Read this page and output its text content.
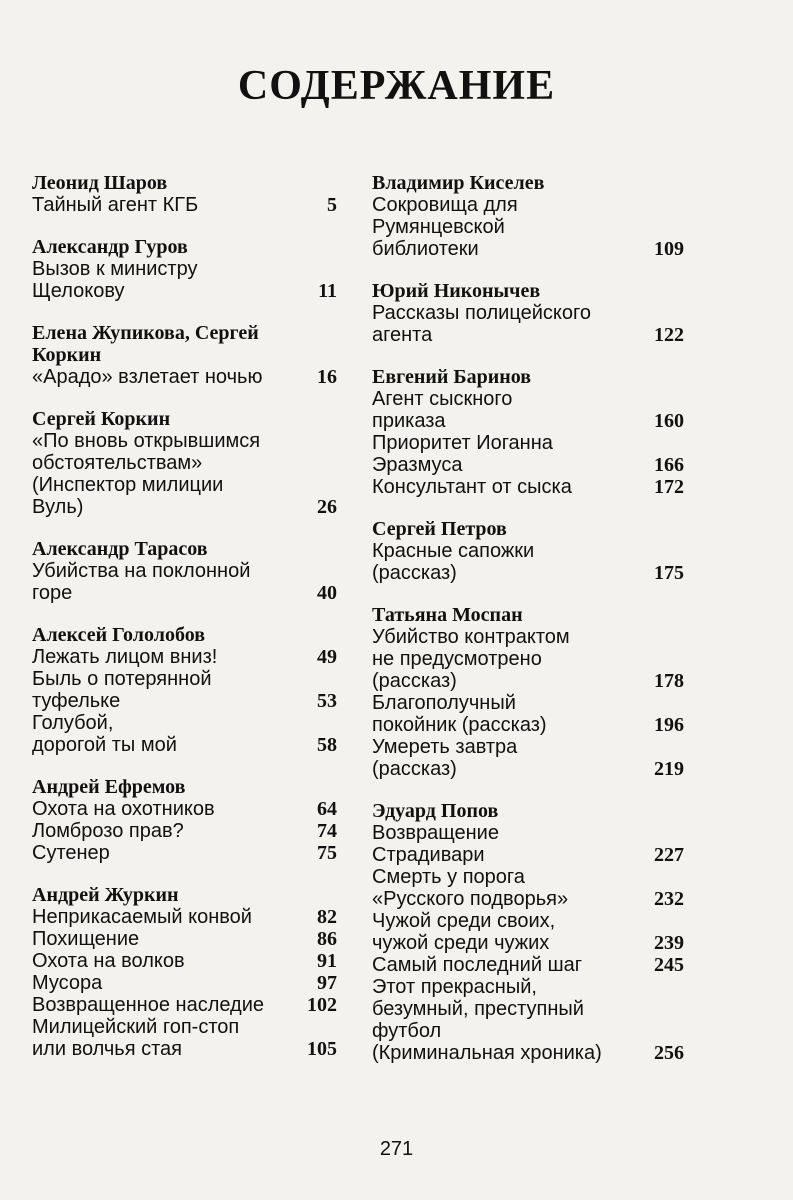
СОДЕРЖАНИЕ
Леонид Шаров
Тайный агент КГБ	5
Александр Гуров
Вызов к министру
Щелокову	11
Елена Жупикова, Сергей
Коркин
«Арадо» взлетает ночью	16
Сергей Коркин
«По вновь открывшимся
обстоятельствам»
(Инспектор милиции
Вуль)	26
Александр Тарасов
Убийства на поклонной
горе	40
Алексей Гололобов
Лежать лицом вниз!	49
Быль о потерянной
туфельке	53
Голубой,
дорогой ты мой	58
Андрей Ефремов
Охота на охотников	64
Ломброзо прав?	74
Сутенер	75
Андрей Журкин
Неприкасаемый конвой	82
Похищение	86
Охота на волков	91
Мусора	97
Возвращенное наследие	102
Милицейский гоп-стоп
или волчья стая	105
Владимир Киселев
Сокровища для
Румянцевской
библиотеки	109
Юрий Никонычев
Рассказы полицейского
агента	122
Евгений Баринов
Агент сыскного
приказа	160
Приоритет Иоганна
Эразмуса	166
Консультант от сыска	172
Сергей Петров
Красные сапожки
(рассказ)	175
Татьяна Моспан
Убийство контрактом
не предусмотрено
(рассказ)	178
Благополучный
покойник (рассказ)	196
Умереть завтра
(рассказ)	219
Эдуард Попов
Возвращение
Страдивари	227
Смерть у порога
«Русского подворья»	232
Чужой среди своих,
чужой среди чужих	239
Самый последний шаг	245
Этот прекрасный,
безумный, преступный
футбол
(Криминальная хроника)	256
271
